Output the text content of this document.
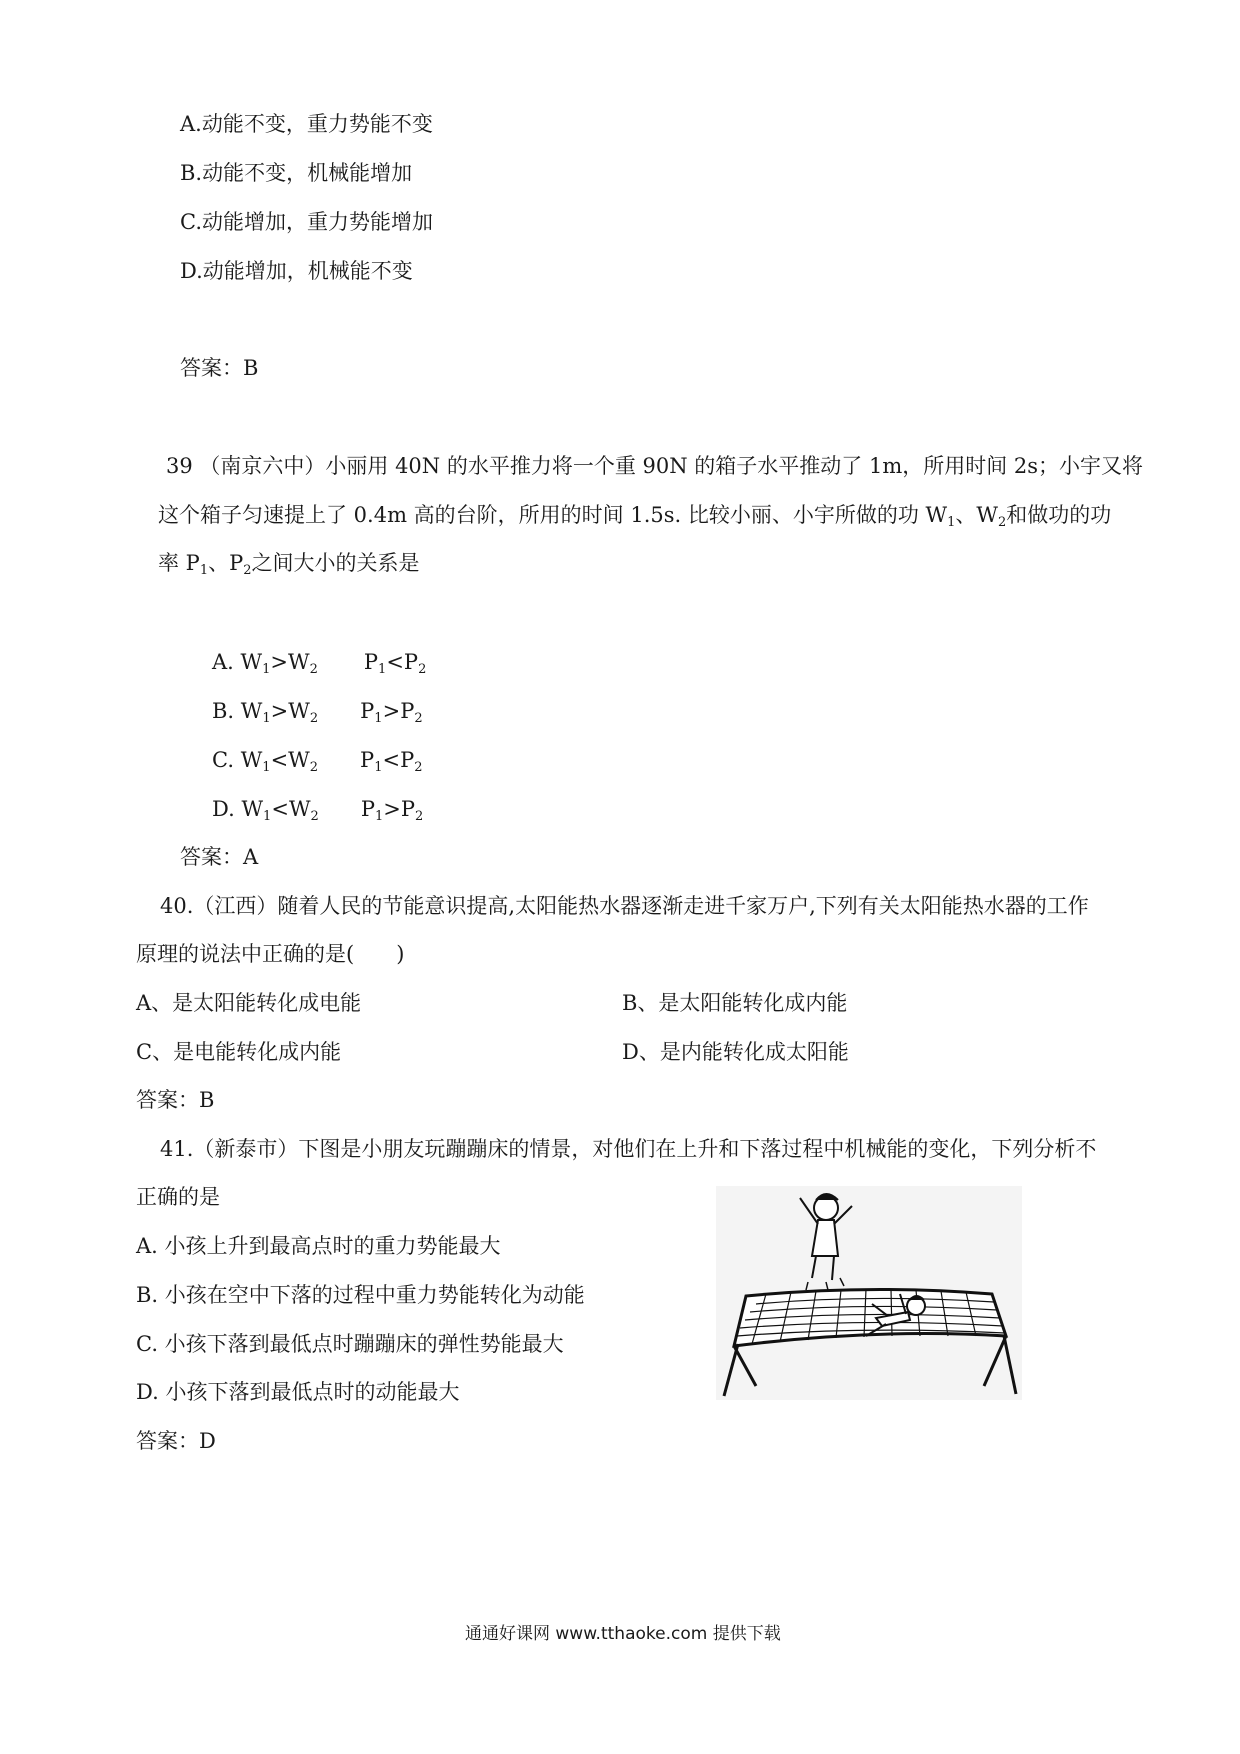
A.动能不变，重力势能不变
B.动能不变，机械能增加
C.动能增加，重力势能增加
D.动能增加，机械能不变
答案：B
39 （南京六中）小丽用 40N 的水平推力将一个重 90N 的箱子水平推动了 1m，所用时间 2s；小宇又将
这个箱子匀速提上了 0.4m 高的台阶，所用的时间 1.5s. 比较小丽、小宇所做的功 $W_1$、$W_2$和做功的功
率 $P_1$、$P_2$之间大小的关系是
A. $W_1>W_2$ $P_1<P_2$
B. $W_1>W_2$ $P_1>P_2$
C. $W_1<W_2$ $P_1<P_2$
D. $W_1<W_2$ $P_1>P_2$
答案：A
40.（江西）随着人民的节能意识提高,太阳能热水器逐渐走进千家万户,下列有关太阳能热水器的工作
原理的说法中正确的是(　　)
A、是太阳能转化成电能	B、是太阳能转化成内能
C、是电能转化成内能	D、是内能转化成太阳能
答案：B
41.（新泰市）下图是小朋友玩蹦蹦床的情景，对他们在上升和下落过程中机械能的变化，下列分析不
正确的是
A. 小孩上升到最高点时的重力势能最大
B. 小孩在空中下落的过程中重力势能转化为动能
C. 小孩下落到最低点时蹦蹦床的弹性势能最大
D. 小孩下落到最低点时的动能最大
答案：D
通通好课网 www.tthaoke.com 提供下载
